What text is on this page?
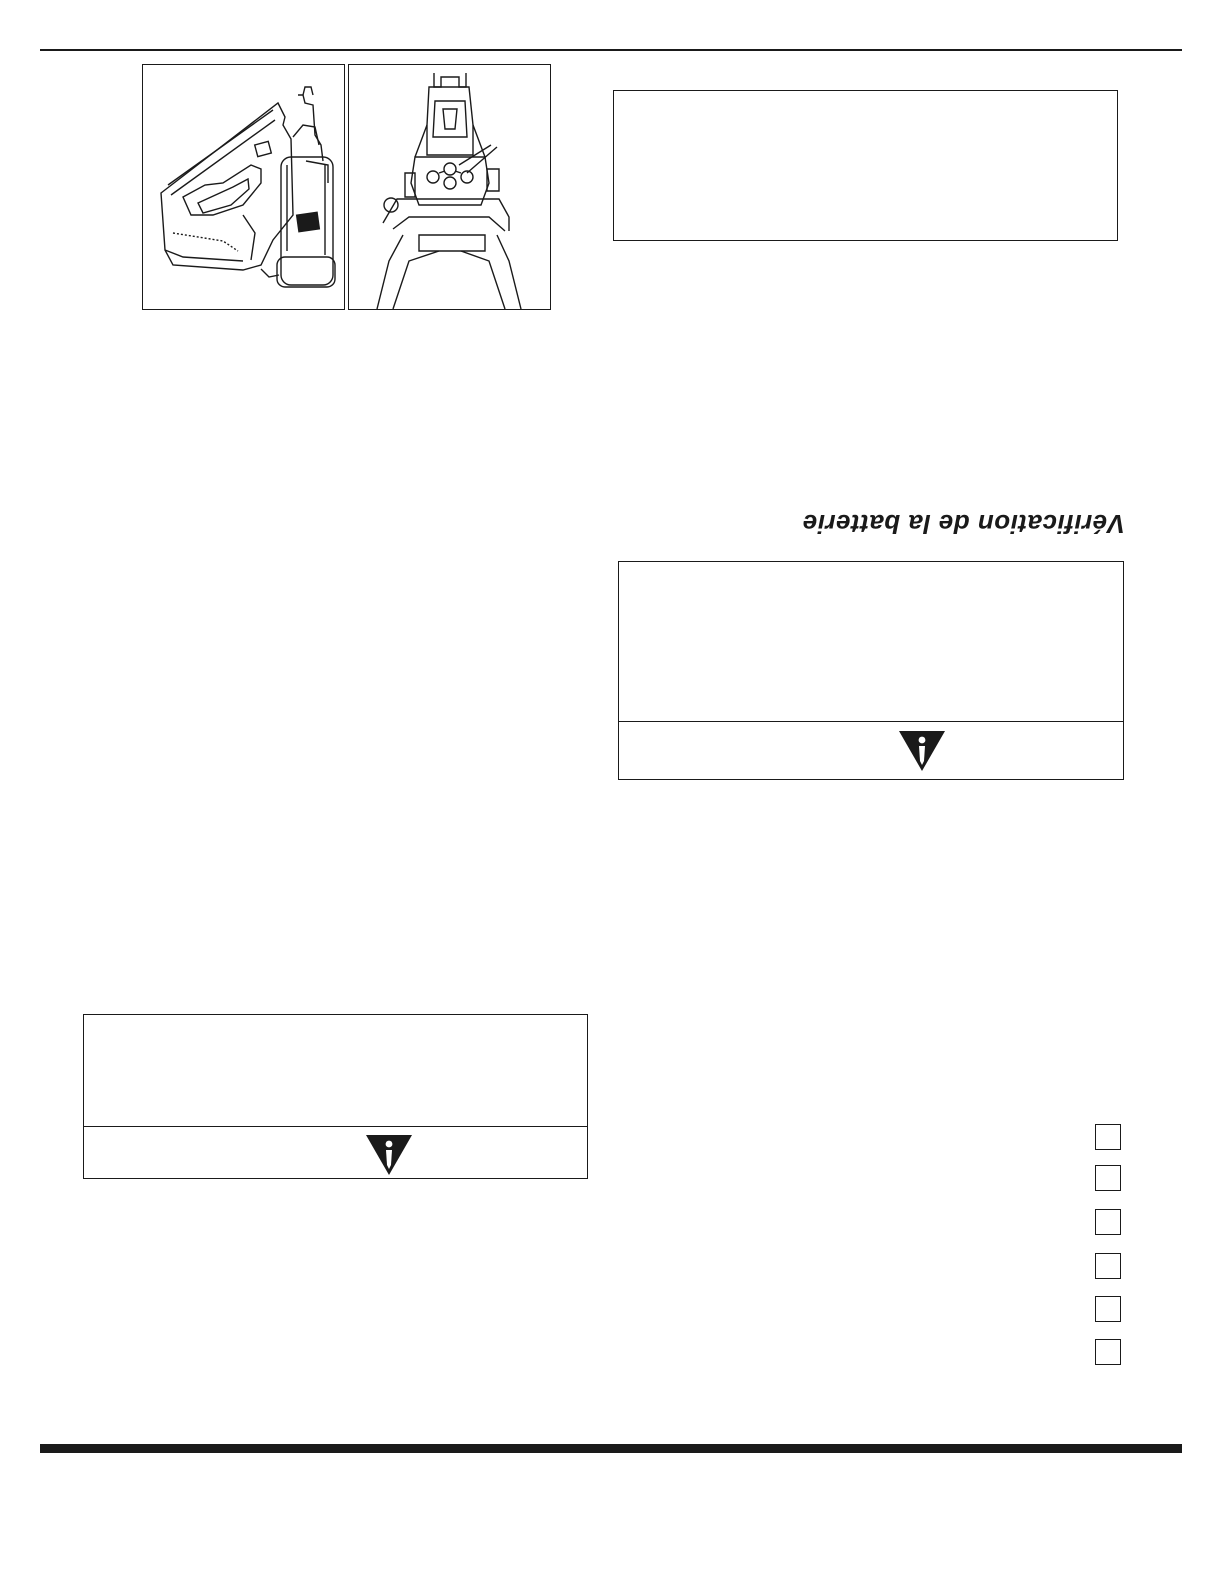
Vérification de la batterie
